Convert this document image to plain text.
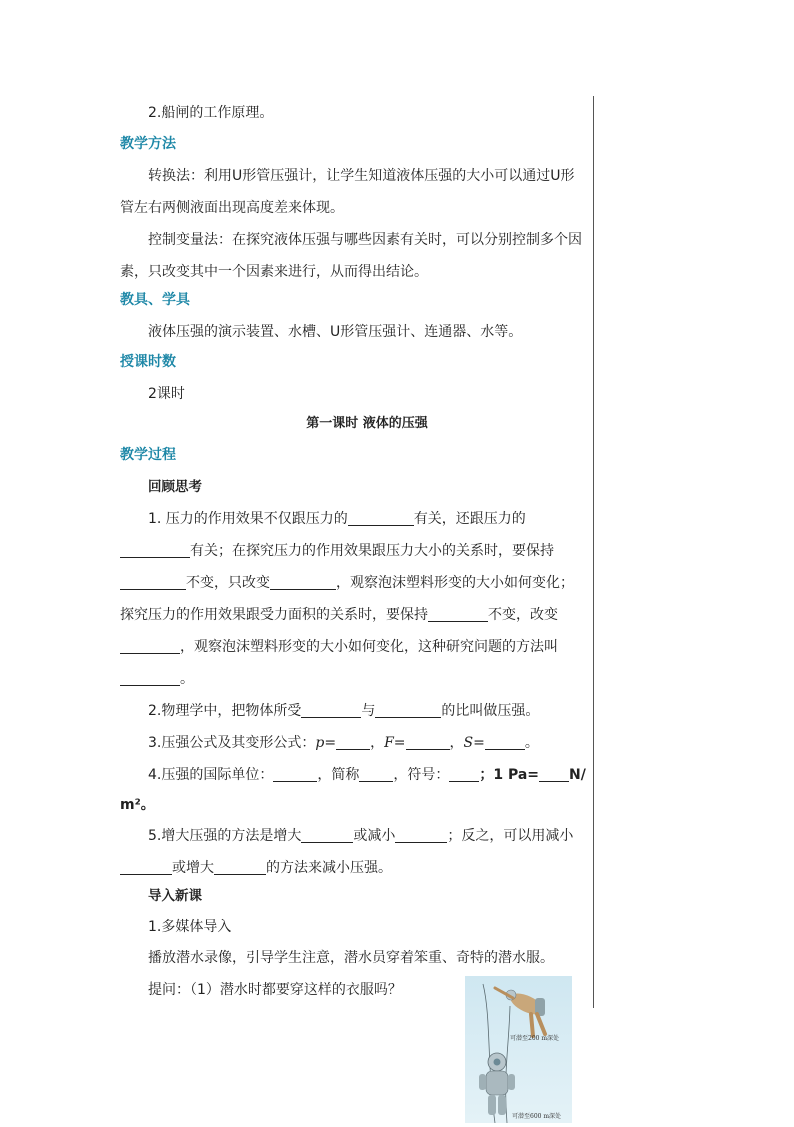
2.船闸的工作原理。
教学方法
转换法：利用U形管压强计，让学生知道液体压强的大小可以通过U形
管左右两侧液面出现高度差来体现。
控制变量法：在探究液体压强与哪些因素有关时，可以分别控制多个因
素，只改变其中一个因素来进行，从而得出结论。
教具、学具
液体压强的演示装置、水槽、U形管压强计、连通器、水等。
授课时数
2课时
第一课时 液体的压强
教学过程
回顾思考
1. 压力的作用效果不仅跟压力的	有关，还跟压力的
有关；在探究压力的作用效果跟压力大小的关系时，要保持
不变，只改变	，观察泡沫塑料形变的大小如何变化；
探究压力的作用效果跟受力面积的关系时，要保持	不变，改变
，观察泡沫塑料形变的大小如何变化，这种研究问题的方法叫
。
2.物理学中，把物体所受	与	的比叫做压强。
3.压强公式及其变形公式：p= ，F=	，S=	。
4.压强的国际单位：	，简称 ，符号： ；1 Pa= N/
m²。
5.增大压强的方法是增大	或减小	；反之，可以用减小
或增大	的方法来减小压强。
导入新课
1.多媒体导入
播放潜水录像，引导学生注意，潜水员穿着笨重、奇特的潜水服。
提问：（1）潜水时都要穿这样的衣服吗？
可潜至200 m深处
可潜至600 m深处
